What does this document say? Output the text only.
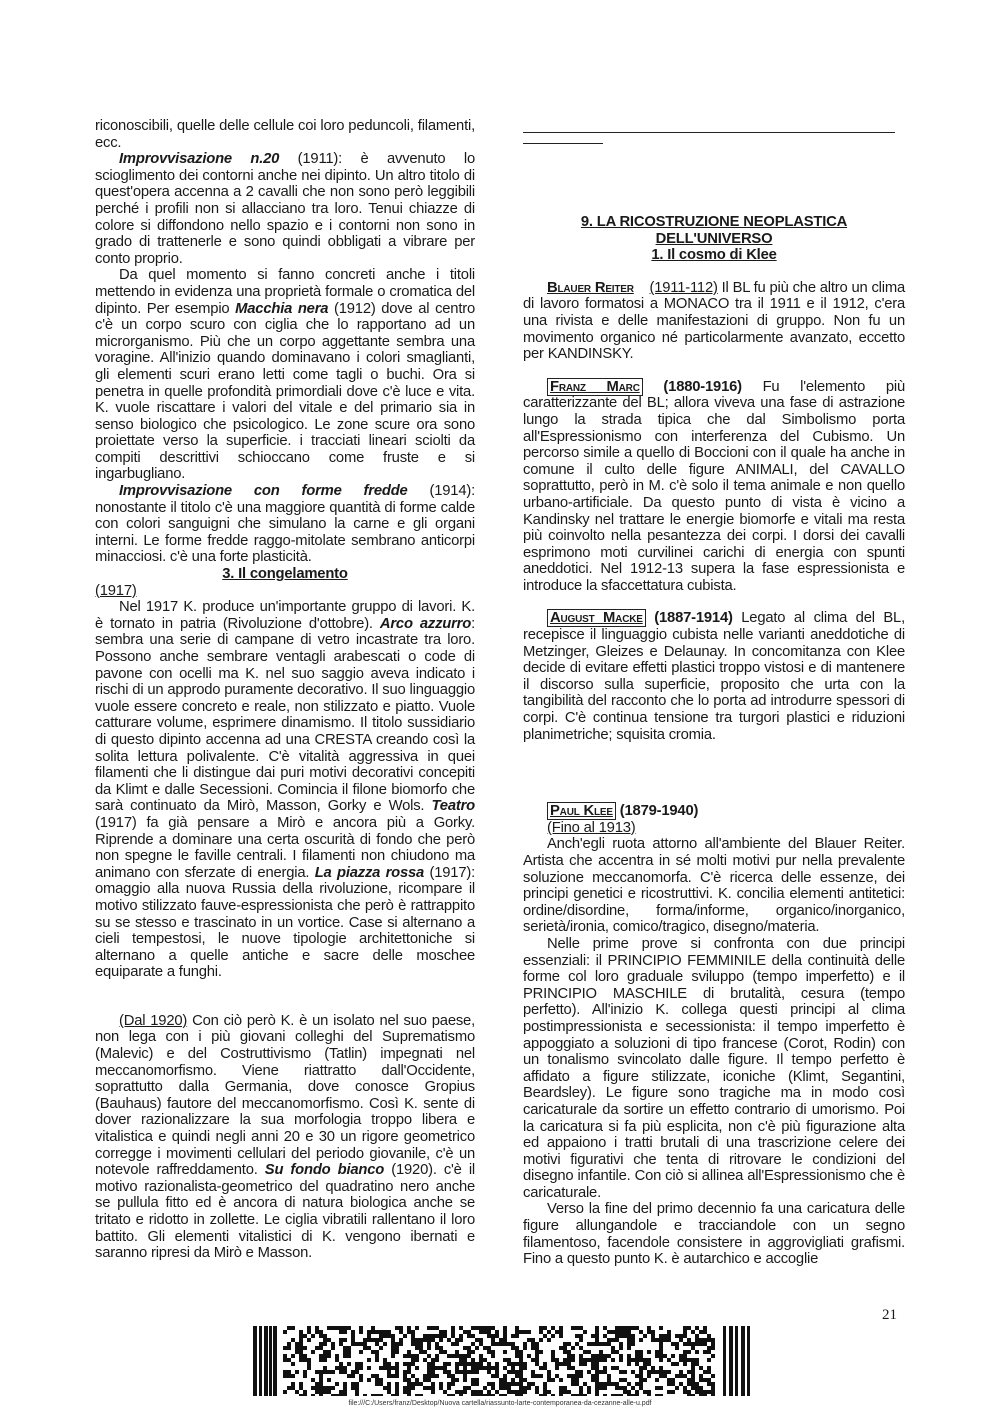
riconoscibili, quelle delle cellule coi loro peduncoli, filamenti, ecc.

Improvvisazione n.20 (1911): è avvenuto lo scioglimento dei contorni anche nei dipinto. Un altro titolo di quest'opera accenna a 2 cavalli che non sono però leggibili perché i profili non si allacciano tra loro. Tenui chiazze di colore si diffondono nello spazio e i contorni non sono in grado di trattenerle e sono quindi obbligati a vibrare per conto proprio.

Da quel momento si fanno concreti anche i titoli mettendo in evidenza una proprietà formale o cromatica del dipinto. Per esempio Macchia nera (1912) dove al centro c'è un corpo scuro con ciglia che lo rapportano ad un microrganismo. Più che un corpo aggettante sembra una voragine. All'inizio quando dominavano i colori smaglianti, gli elementi scuri erano letti come tagli o buchi. Ora si penetra in quelle profondità primordiali dove c'è luce e vita. K. vuole riscattare i valori del vitale e del primario sia in senso biologico che psicologico. Le zone scure ora sono proiettate verso la superficie. i tracciati lineari sciolti da compiti descrittivi schioccano come fruste e si ingarbugliano.

Improvvisazione con forme fredde (1914): nonostante il titolo c'è una maggiore quantità di forme calde con colori sanguigni che simulano la carne e gli organi interni. Le forme fredde raggo-mitolate sembrano anticorpi minacciosi. c'è una forte plasticità.

3. Il congelamento

(1917)

Nel 1917 K. produce un'importante gruppo di lavori. K. è tornato in patria (Rivoluzione d'ottobre). Arco azzurro: sembra una serie di campane di vetro incastrate tra loro. Possono anche sembrare ventagli arabescati o code di pavone con ocelli ma K. nel suo saggio aveva indicato i rischi di un approdo puramente decorativo. Il suo linguaggio vuole essere concreto e reale, non stilizzato e piatto. Vuole catturare volume, esprimere dinamismo. Il titolo sussidiario di questo dipinto accenna ad una CRESTA creando così la solita lettura polivalente. C'è vitalità aggressiva in quei filamenti che li distingue dai puri motivi decorativi concepiti da Klimt e dalle Secessioni. Comincia il filone biomorfo che sarà continuato da Mirò, Masson, Gorky e Wols. Teatro (1917) fa già pensare a Mirò e ancora più a Gorky. Riprende a dominare una certa oscurità di fondo che però non spegne le faville centrali. I filamenti non chiudono ma animano con sferzate di energia. La piazza rossa (1917): omaggio alla nuova Russia della rivoluzione, ricompare il motivo stilizzato fauve-espressionista che però è rattrappito su se stesso e trascinato in un vortice. Case si alternano a cieli tempestosi, le nuove tipologie architettoniche si alternano a quelle antiche e sacre delle moschee equiparate a funghi.

(Dal 1920) Con ciò però K. è un isolato nel suo paese, non lega con i più giovani colleghi del Suprematismo (Malevic) e del Costruttivismo (Tatlin) impegnati nel meccanomorfismo. Viene riattratto dall'Occidente, soprattutto dalla Germania, dove conosce Gropius (Bauhaus) fautore del meccanomorfismo. Così K. sente di dover razionalizzare la sua morfologia troppo libera e vitalistica e quindi negli anni 20 e 30 un rigore geometrico corregge i movimenti cellulari del periodo giovanile, c'è un notevole raffreddamento. Su fondo bianco (1920). c'è il motivo razionalista-geometrico del quadratino nero anche se pullula fitto ed è ancora di natura biologica anche se tritato e ridotto in zollette. Le ciglia vibratili rallentano il loro battito. Gli elementi vitalistici di K. vengono ibernati e saranno ripresi da Mirò e Masson.

9. LA RICOSTRUZIONE NEOPLASTICA

DELL'UNIVERSO

1. Il cosmo di Klee

Blauer Reiter (1911-112) Il BL fu più che altro un clima di lavoro formatosi a MONACO tra il 1911 e il 1912, c'era una rivista e delle manifestazioni di gruppo. Non fu un movimento organico né particolarmente avanzato, eccetto per KANDINSKY.

Franz Marc (1880-1916) Fu l'elemento più caratterizzante del BL; allora viveva una fase di astrazione lungo la strada tipica che dal Simbolismo porta all'Espressionismo con interferenza del Cubismo. Un percorso simile a quello di Boccioni con il quale ha anche in comune il culto delle figure ANIMALI, del CAVALLO soprattutto, però in M. c'è solo il tema animale e non quello urbano-artificiale. Da questo punto di vista è vicino a Kandinsky nel trattare le energie biomorfe e vitali ma resta più coinvolto nella pesantezza dei corpi. I dorsi dei cavalli esprimono moti curvilinei carichi di energia con spunti aneddotici. Nel 1912-13 supera la fase espressionista e introduce la sfaccettatura cubista.

August Macke (1887-1914) Legato al clima del BL, recepisce il linguaggio cubista nelle varianti aneddotiche di Metzinger, Gleizes e Delaunay. In concomitanza con Klee decide di evitare effetti plastici troppo vistosi e di mantenere il discorso sulla superficie, proposito che urta con la tangibilità del racconto che lo porta ad introdurre spessori di corpi. C'è continua tensione tra turgori plastici e riduzioni planimetriche; squisita cromia.

Paul Klee (1879-1940)

(Fino al 1913)

Anch'egli ruota attorno all'ambiente del Blauer Reiter. Artista che accentra in sé molti motivi pur nella prevalente soluzione meccanomorfa. C'è ricerca delle essenze, dei principi genetici e ricostruttivi. K. concilia elementi antitetici: ordine/disordine, forma/informe, organico/inorganico, serietà/ironia, comico/tragico, disegno/materia.

Nelle prime prove si confronta con due principi essenziali: il PRINCIPIO FEMMINILE della continuità delle forme col loro graduale sviluppo (tempo imperfetto) e il PRINCIPIO MASCHILE di brutalità, cesura (tempo perfetto). All'inizio K. collega questi principi al clima postimpressionista e secessionista: il tempo imperfetto è appoggiato a soluzioni di tipo francese (Corot, Rodin) con un tonalismo svincolato dalle figure. Il tempo perfetto è affidato a figure stilizzate, iconiche (Klimt, Segantini, Beardsley). Le figure sono tragiche ma in modo così caricaturale da sortire un effetto contrario di umorismo. Poi la caricatura si fa più esplicita, non c'è più figurazione alta ed appaiono i tratti brutali di una trascrizione celere dei motivi figurativi che tenta di ritrovare le condizioni del disegno infantile. Con ciò si allinea all'Espressionismo che è caricaturale.

Verso la fine del primo decennio fa una caricatura delle figure allungandole e tracciandole con un segno filamentoso, facendole consistere in aggrovigliati grafismi. Fino a questo punto K. è autarchico e accoglie

21
file:///C:/Users/franz/Desktop/Nuova cartella/riassunto-larte-contemporanea-da-cezanne-alle-u.pdf
